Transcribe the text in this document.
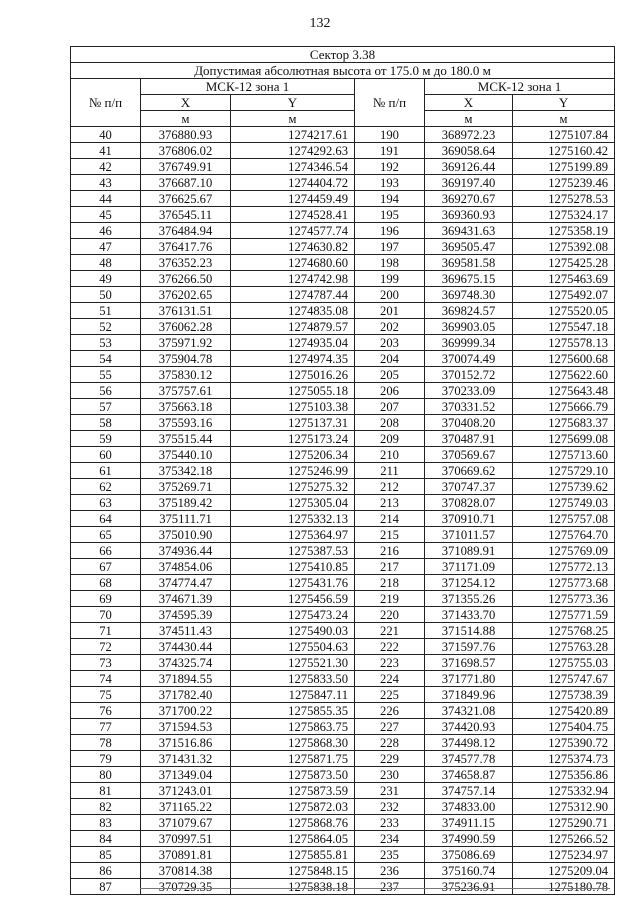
132
Сектор 3.38					
Допустимая абсолютная высота от 175.0 м до 180.0 м					
№ п/п	МСК-12 зона 1		№ п/п	МСК-12 зона 1	
	X	Y		X	Y
	м	м		м	м
40	376880.93	1274217.61	190	368972.23	1275107.84
41	376806.02	1274292.63	191	369058.64	1275160.42
42	376749.91	1274346.54	192	369126.44	1275199.89
43	376687.10	1274404.72	193	369197.40	1275239.46
44	376625.67	1274459.49	194	369270.67	1275278.53
45	376545.11	1274528.41	195	369360.93	1275324.17
46	376484.94	1274577.74	196	369431.63	1275358.19
47	376417.76	1274630.82	197	369505.47	1275392.08
48	376352.23	1274680.60	198	369581.58	1275425.28
49	376266.50	1274742.98	199	369675.15	1275463.69
50	376202.65	1274787.44	200	369748.30	1275492.07
51	376131.51	1274835.08	201	369824.57	1275520.05
52	376062.28	1274879.57	202	369903.05	1275547.18
53	375971.92	1274935.04	203	369999.34	1275578.13
54	375904.78	1274974.35	204	370074.49	1275600.68
55	375830.12	1275016.26	205	370152.72	1275622.60
56	375757.61	1275055.18	206	370233.09	1275643.48
57	375663.18	1275103.38	207	370331.52	1275666.79
58	375593.16	1275137.31	208	370408.20	1275683.37
59	375515.44	1275173.24	209	370487.91	1275699.08
60	375440.10	1275206.34	210	370569.67	1275713.60
61	375342.18	1275246.99	211	370669.62	1275729.10
62	375269.71	1275275.32	212	370747.37	1275739.62
63	375189.42	1275305.04	213	370828.07	1275749.03
64	375111.71	1275332.13	214	370910.71	1275757.08
65	375010.90	1275364.97	215	371011.57	1275764.70
66	374936.44	1275387.53	216	371089.91	1275769.09
67	374854.06	1275410.85	217	371171.09	1275772.13
68	374774.47	1275431.76	218	371254.12	1275773.68
69	374671.39	1275456.59	219	371355.26	1275773.36
70	374595.39	1275473.24	220	371433.70	1275771.59
71	374511.43	1275490.03	221	371514.88	1275768.25
72	374430.44	1275504.63	222	371597.76	1275763.28
73	374325.74	1275521.30	223	371698.57	1275755.03
74	371894.55	1275833.50	224	371771.80	1275747.67
75	371782.40	1275847.11	225	371849.96	1275738.39
76	371700.22	1275855.35	226	374321.08	1275420.89
77	371594.53	1275863.75	227	374420.93	1275404.75
78	371516.86	1275868.30	228	374498.12	1275390.72
79	371431.32	1275871.75	229	374577.78	1275374.73
80	371349.04	1275873.50	230	374658.87	1275356.86
81	371243.01	1275873.59	231	374757.14	1275332.94
82	371165.22	1275872.03	232	374833.00	1275312.90
83	371079.67	1275868.76	233	374911.15	1275290.71
84	370997.51	1275864.05	234	374990.59	1275266.52
85	370891.81	1275855.81	235	375086.69	1275234.97
86	370814.38	1275848.15	236	375160.74	1275209.04
87	370729.35	1275838.18	237	375236.91	1275180.78
